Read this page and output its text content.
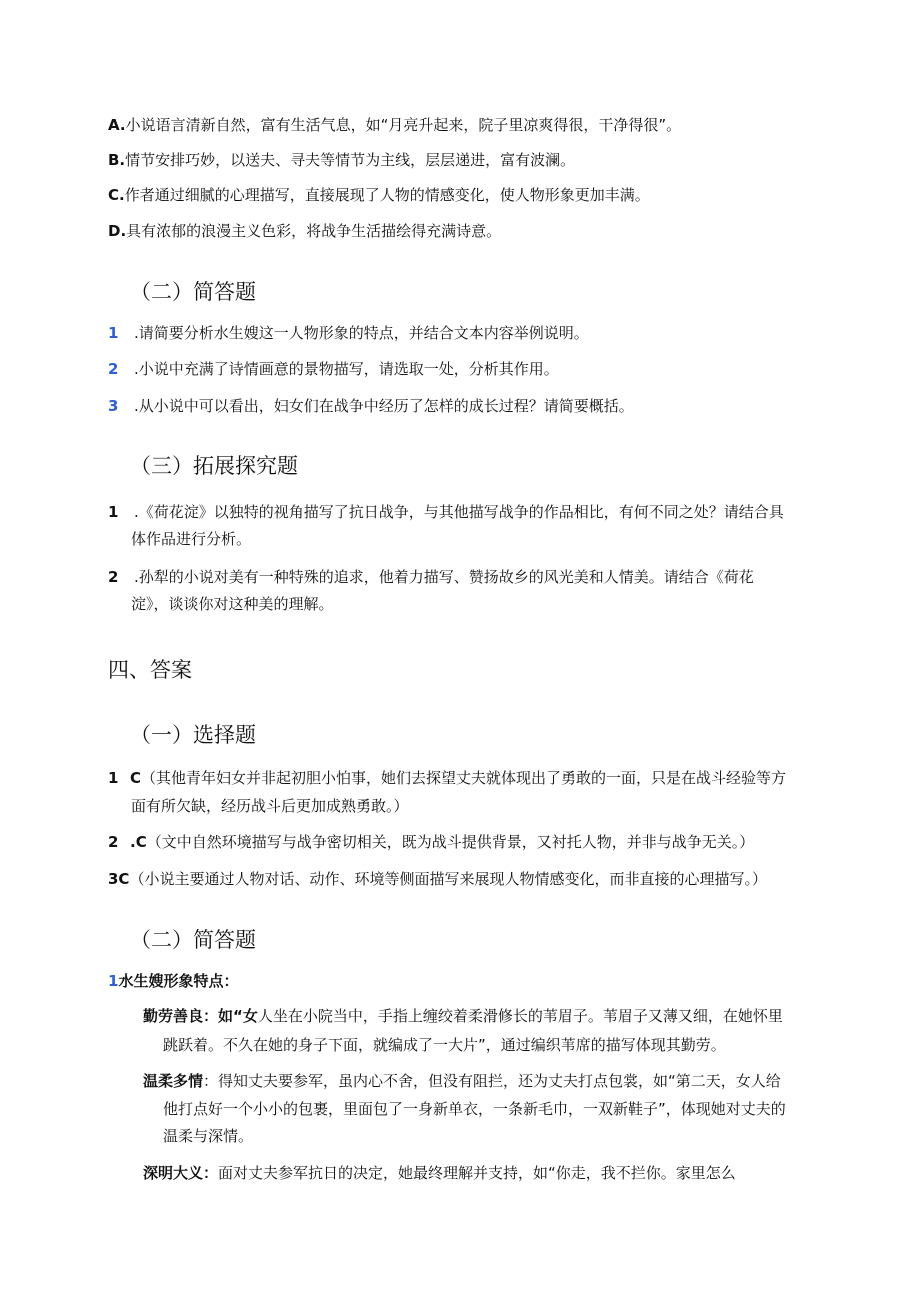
A.小说语言清新自然，富有生活气息，如“月亮升起来，院子里凉爽得很，干净得很”。
B.情节安排巧妙，以送夫、寻夫等情节为主线，层层递进，富有波澜。
C.作者通过细腻的心理描写，直接展现了人物的情感变化，使人物形象更加丰满。
D.具有浓郁的浪漫主义色彩，将战争生活描绘得充满诗意。
（二）简答题
1 .请简要分析水生嫂这一人物形象的特点，并结合文本内容举例说明。
2 .小说中充满了诗情画意的景物描写，请选取一处，分析其作用。
3 .从小说中可以看出，妇女们在战争中经历了怎样的成长过程？请简要概括。
（三）拓展探究题
1 .《荷花淀》以独特的视角描写了抗日战争，与其他描写战争的作品相比，有何不同之处？请结合具
体作品进行分析。
2 .孙犁的小说对美有一种特殊的追求，他着力描写、赞扬故乡的风光美和人情美。请结合《荷花
淀》，谈谈你对这种美的理解。
四、答案
（一）选择题
1 C（其他青年妇女并非起初胆小怕事，她们去探望丈夫就体现出了勇敢的一面，只是在战斗经验等方
面有所欠缺，经历战斗后更加成熟勇敢。）
2 .C（文中自然环境描写与战争密切相关，既为战斗提供背景，又衬托人物，并非与战争无关。）
3C（小说主要通过人物对话、动作、环境等侧面描写来展现人物情感变化，而非直接的心理描写。）
（二）简答题
1水生嫂形象特点：
勤劳善良：如“女人坐在小院当中，手指上缠绞着柔滑修长的苇眉子。苇眉子又薄又细，在她怀里
跳跃着。不久在她的身子下面，就编成了一大片”，通过编织苇席的描写体现其勤劳。
温柔多情：得知丈夫要参军，虽内心不舍，但没有阻拦，还为丈夫打点包裳，如“第二天，女人给
他打点好一个小小的包裹，里面包了一身新单衣，一条新毛巾，一双新鞋子”，体现她对丈夫的
温柔与深情。
深明大义：面对丈夫参军抗日的决定，她最终理解并支持，如“你走，我不拦你。家里怎么
